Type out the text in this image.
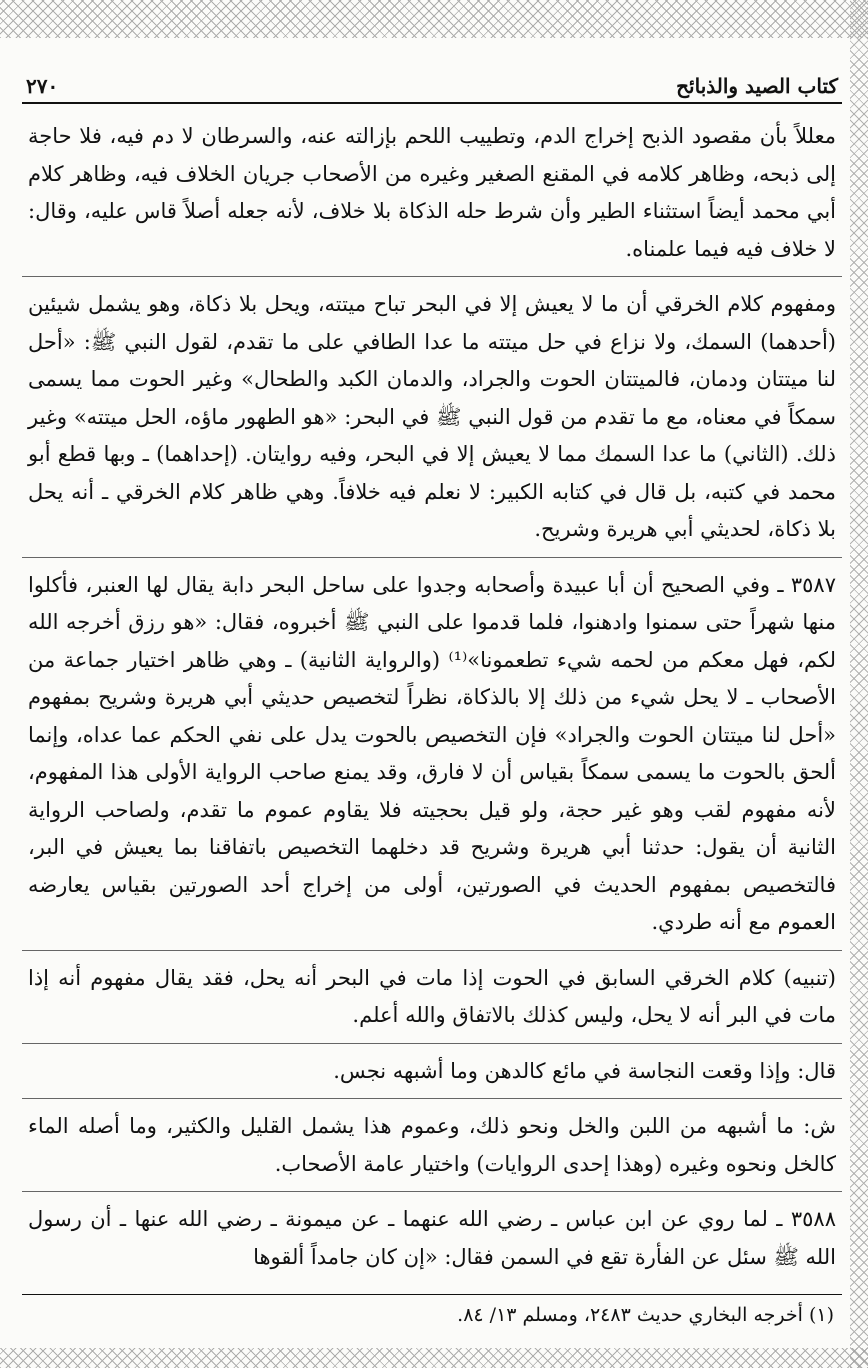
كتاب الصيد والذبائح
٢٧٠

معللاً بأن مقصود الذبح إخراج الدم، وتطييب اللحم بإزالته عنه، والسرطان لا دم فيه، فلا حاجة إلى ذبحه، وظاهر كلامه في المقنع الصغير وغيره من الأصحاب جريان الخلاف فيه، وظاهر كلام أبي محمد أيضاً استثناء الطير وأن شرط حله الذكاة بلا خلاف، لأنه جعله أصلاً قاس عليه، وقال: لا خلاف فيه فيما علمناه.

ومفهوم كلام الخرقي أن ما لا يعيش إلا في البحر تباح ميتته، ويحل بلا ذكاة، وهو يشمل شيئين (أحدهما) السمك، ولا نزاع في حل ميتته ما عدا الطافي على ما تقدم، لقول النبي ﷺ: «أحل لنا ميتتان ودمان، فالميتتان الحوت والجراد، والدمان الكبد والطحال» وغير الحوت مما يسمى سمكاً في معناه، مع ما تقدم من قول النبي ﷺ في البحر: «هو الطهور ماؤه، الحل ميتته» وغير ذلك. (الثاني) ما عدا السمك مما لا يعيش إلا في البحر، وفيه روايتان. (إحداهما) ـ وبها قطع أبو محمد في كتبه، بل قال في كتابه الكبير: لا نعلم فيه خلافاً. وهي ظاهر كلام الخرقي ـ أنه يحل بلا ذكاة، لحديثي أبي هريرة وشريح.

٣٥٨٧ ـ وفي الصحيح أن أبا عبيدة وأصحابه وجدوا على ساحل البحر دابة يقال لها العنبر، فأكلوا منها شهراً حتى سمنوا وادهنوا، فلما قدموا على النبي ﷺ أخبروه، فقال: «هو رزق أخرجه الله لكم، فهل معكم من لحمه شيء تطعمونا»⁽¹⁾ (والرواية الثانية) ـ وهي ظاهر اختيار جماعة من الأصحاب ـ لا يحل شيء من ذلك إلا بالذكاة، نظراً لتخصيص حديثي أبي هريرة وشريح بمفهوم «أحل لنا ميتتان الحوت والجراد» فإن التخصيص بالحوت يدل على نفي الحكم عما عداه، وإنما ألحق بالحوت ما يسمى سمكاً بقياس أن لا فارق، وقد يمنع صاحب الرواية الأولى هذا المفهوم، لأنه مفهوم لقب وهو غير حجة، ولو قيل بحجيته فلا يقاوم عموم ما تقدم، ولصاحب الرواية الثانية أن يقول: حدثنا أبي هريرة وشريح قد دخلهما التخصيص باتفاقنا بما يعيش في البر، فالتخصيص بمفهوم الحديث في الصورتين، أولى من إخراج أحد الصورتين بقياس يعارضه العموم مع أنه طردي.

(تنبيه) كلام الخرقي السابق في الحوت إذا مات في البحر أنه يحل، فقد يقال مفهوم أنه إذا مات في البر أنه لا يحل، وليس كذلك بالاتفاق والله أعلم.

قال: وإذا وقعت النجاسة في مائع كالدهن وما أشبهه نجس.

ش: ما أشبهه من اللبن والخل ونحو ذلك، وعموم هذا يشمل القليل والكثير، وما أصله الماء كالخل ونحوه وغيره (وهذا إحدى الروايات) واختيار عامة الأصحاب.

٣٥٨٨ ـ لما روي عن ابن عباس ـ رضي الله عنهما ـ عن ميمونة ـ رضي الله عنها ـ أن رسول الله ﷺ سئل عن الفأرة تقع في السمن فقال: «إن كان جامداً ألقوها

(١) أخرجه البخاري حديث ٢٤٨٣، ومسلم ١٣/ ٨٤.
